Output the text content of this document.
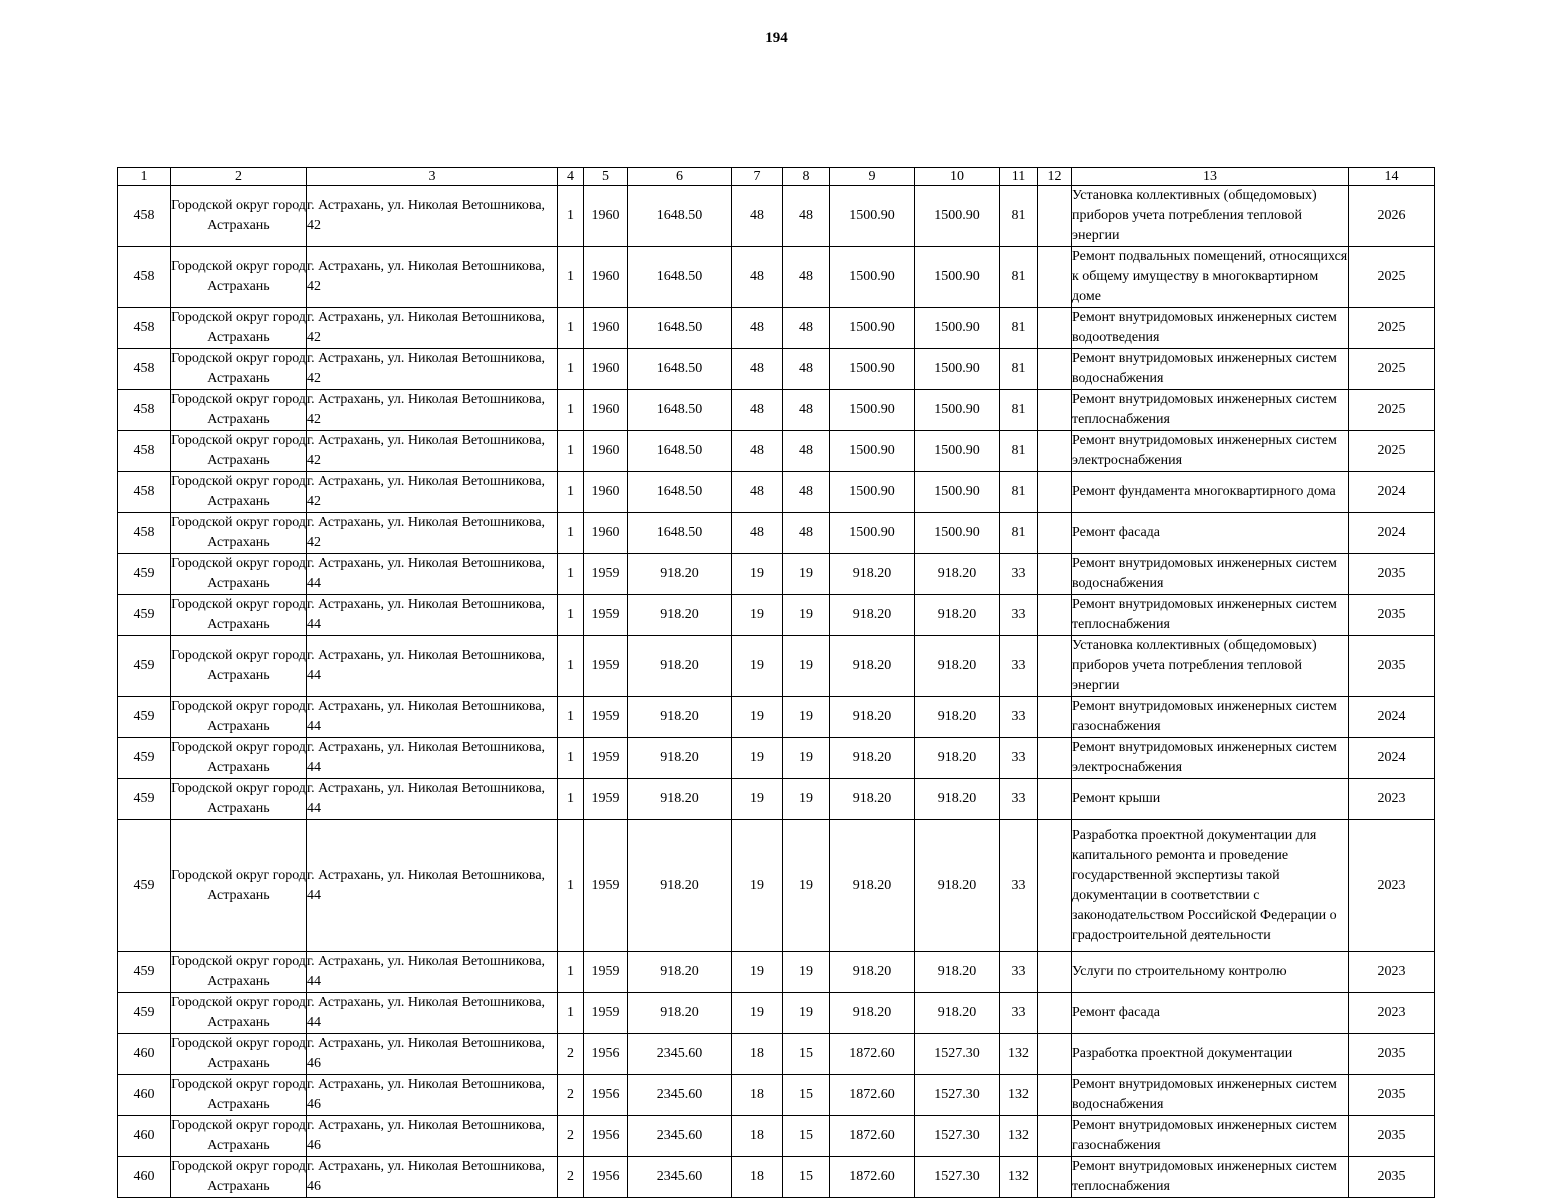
194
1	2	3	4	5	6	7	8	9	10	11	12	13	14
458	Городской округ город Астрахань	г. Астрахань, ул. Николая Ветошникова, 42	1	1960	1648.50	48	48	1500.90	1500.90	81		Установка коллективных (общедомовых) приборов учета потребления тепловой энергии	2026
458	Городской округ город Астрахань	г. Астрахань, ул. Николая Ветошникова, 42	1	1960	1648.50	48	48	1500.90	1500.90	81		Ремонт подвальных помещений, относящихся к общему имуществу в многоквартирном доме	2025
458	Городской округ город Астрахань	г. Астрахань, ул. Николая Ветошникова, 42	1	1960	1648.50	48	48	1500.90	1500.90	81		Ремонт внутридомовых инженерных систем водоотведения	2025
458	Городской округ город Астрахань	г. Астрахань, ул. Николая Ветошникова, 42	1	1960	1648.50	48	48	1500.90	1500.90	81		Ремонт внутридомовых инженерных систем водоснабжения	2025
458	Городской округ город Астрахань	г. Астрахань, ул. Николая Ветошникова, 42	1	1960	1648.50	48	48	1500.90	1500.90	81		Ремонт внутридомовых инженерных систем теплоснабжения	2025
458	Городской округ город Астрахань	г. Астрахань, ул. Николая Ветошникова, 42	1	1960	1648.50	48	48	1500.90	1500.90	81		Ремонт внутридомовых инженерных систем электроснабжения	2025
458	Городской округ город Астрахань	г. Астрахань, ул. Николая Ветошникова, 42	1	1960	1648.50	48	48	1500.90	1500.90	81		Ремонт фундамента многоквартирного дома	2024
458	Городской округ город Астрахань	г. Астрахань, ул. Николая Ветошникова, 42	1	1960	1648.50	48	48	1500.90	1500.90	81		Ремонт фасада	2024
459	Городской округ город Астрахань	г. Астрахань, ул. Николая Ветошникова, 44	1	1959	918.20	19	19	918.20	918.20	33		Ремонт внутридомовых инженерных систем водоснабжения	2035
459	Городской округ город Астрахань	г. Астрахань, ул. Николая Ветошникова, 44	1	1959	918.20	19	19	918.20	918.20	33		Ремонт внутридомовых инженерных систем теплоснабжения	2035
459	Городской округ город Астрахань	г. Астрахань, ул. Николая Ветошникова, 44	1	1959	918.20	19	19	918.20	918.20	33		Установка коллективных (общедомовых) приборов учета потребления тепловой энергии	2035
459	Городской округ город Астрахань	г. Астрахань, ул. Николая Ветошникова, 44	1	1959	918.20	19	19	918.20	918.20	33		Ремонт внутридомовых инженерных систем газоснабжения	2024
459	Городской округ город Астрахань	г. Астрахань, ул. Николая Ветошникова, 44	1	1959	918.20	19	19	918.20	918.20	33		Ремонт внутридомовых инженерных систем электроснабжения	2024
459	Городской округ город Астрахань	г. Астрахань, ул. Николая Ветошникова, 44	1	1959	918.20	19	19	918.20	918.20	33		Ремонт крыши	2023
459	Городской округ город Астрахань	г. Астрахань, ул. Николая Ветошникова, 44	1	1959	918.20	19	19	918.20	918.20	33		Разработка проектной документации для капитального ремонта и проведение государственной экспертизы такой документации в соответствии с законодательством Российской Федерации о градостроительной деятельности	2023
459	Городской округ город Астрахань	г. Астрахань, ул. Николая Ветошникова, 44	1	1959	918.20	19	19	918.20	918.20	33		Услуги по строительному контролю	2023
459	Городской округ город Астрахань	г. Астрахань, ул. Николая Ветошникова, 44	1	1959	918.20	19	19	918.20	918.20	33		Ремонт фасада	2023
460	Городской округ город Астрахань	г. Астрахань, ул. Николая Ветошникова, 46	2	1956	2345.60	18	15	1872.60	1527.30	132		Разработка проектной документации	2035
460	Городской округ город Астрахань	г. Астрахань, ул. Николая Ветошникова, 46	2	1956	2345.60	18	15	1872.60	1527.30	132		Ремонт внутридомовых инженерных систем водоснабжения	2035
460	Городской округ город Астрахань	г. Астрахань, ул. Николая Ветошникова, 46	2	1956	2345.60	18	15	1872.60	1527.30	132		Ремонт внутридомовых инженерных систем газоснабжения	2035
460	Городской округ город Астрахань	г. Астрахань, ул. Николая Ветошникова, 46	2	1956	2345.60	18	15	1872.60	1527.30	132		Ремонт внутридомовых инженерных систем теплоснабжения	2035
